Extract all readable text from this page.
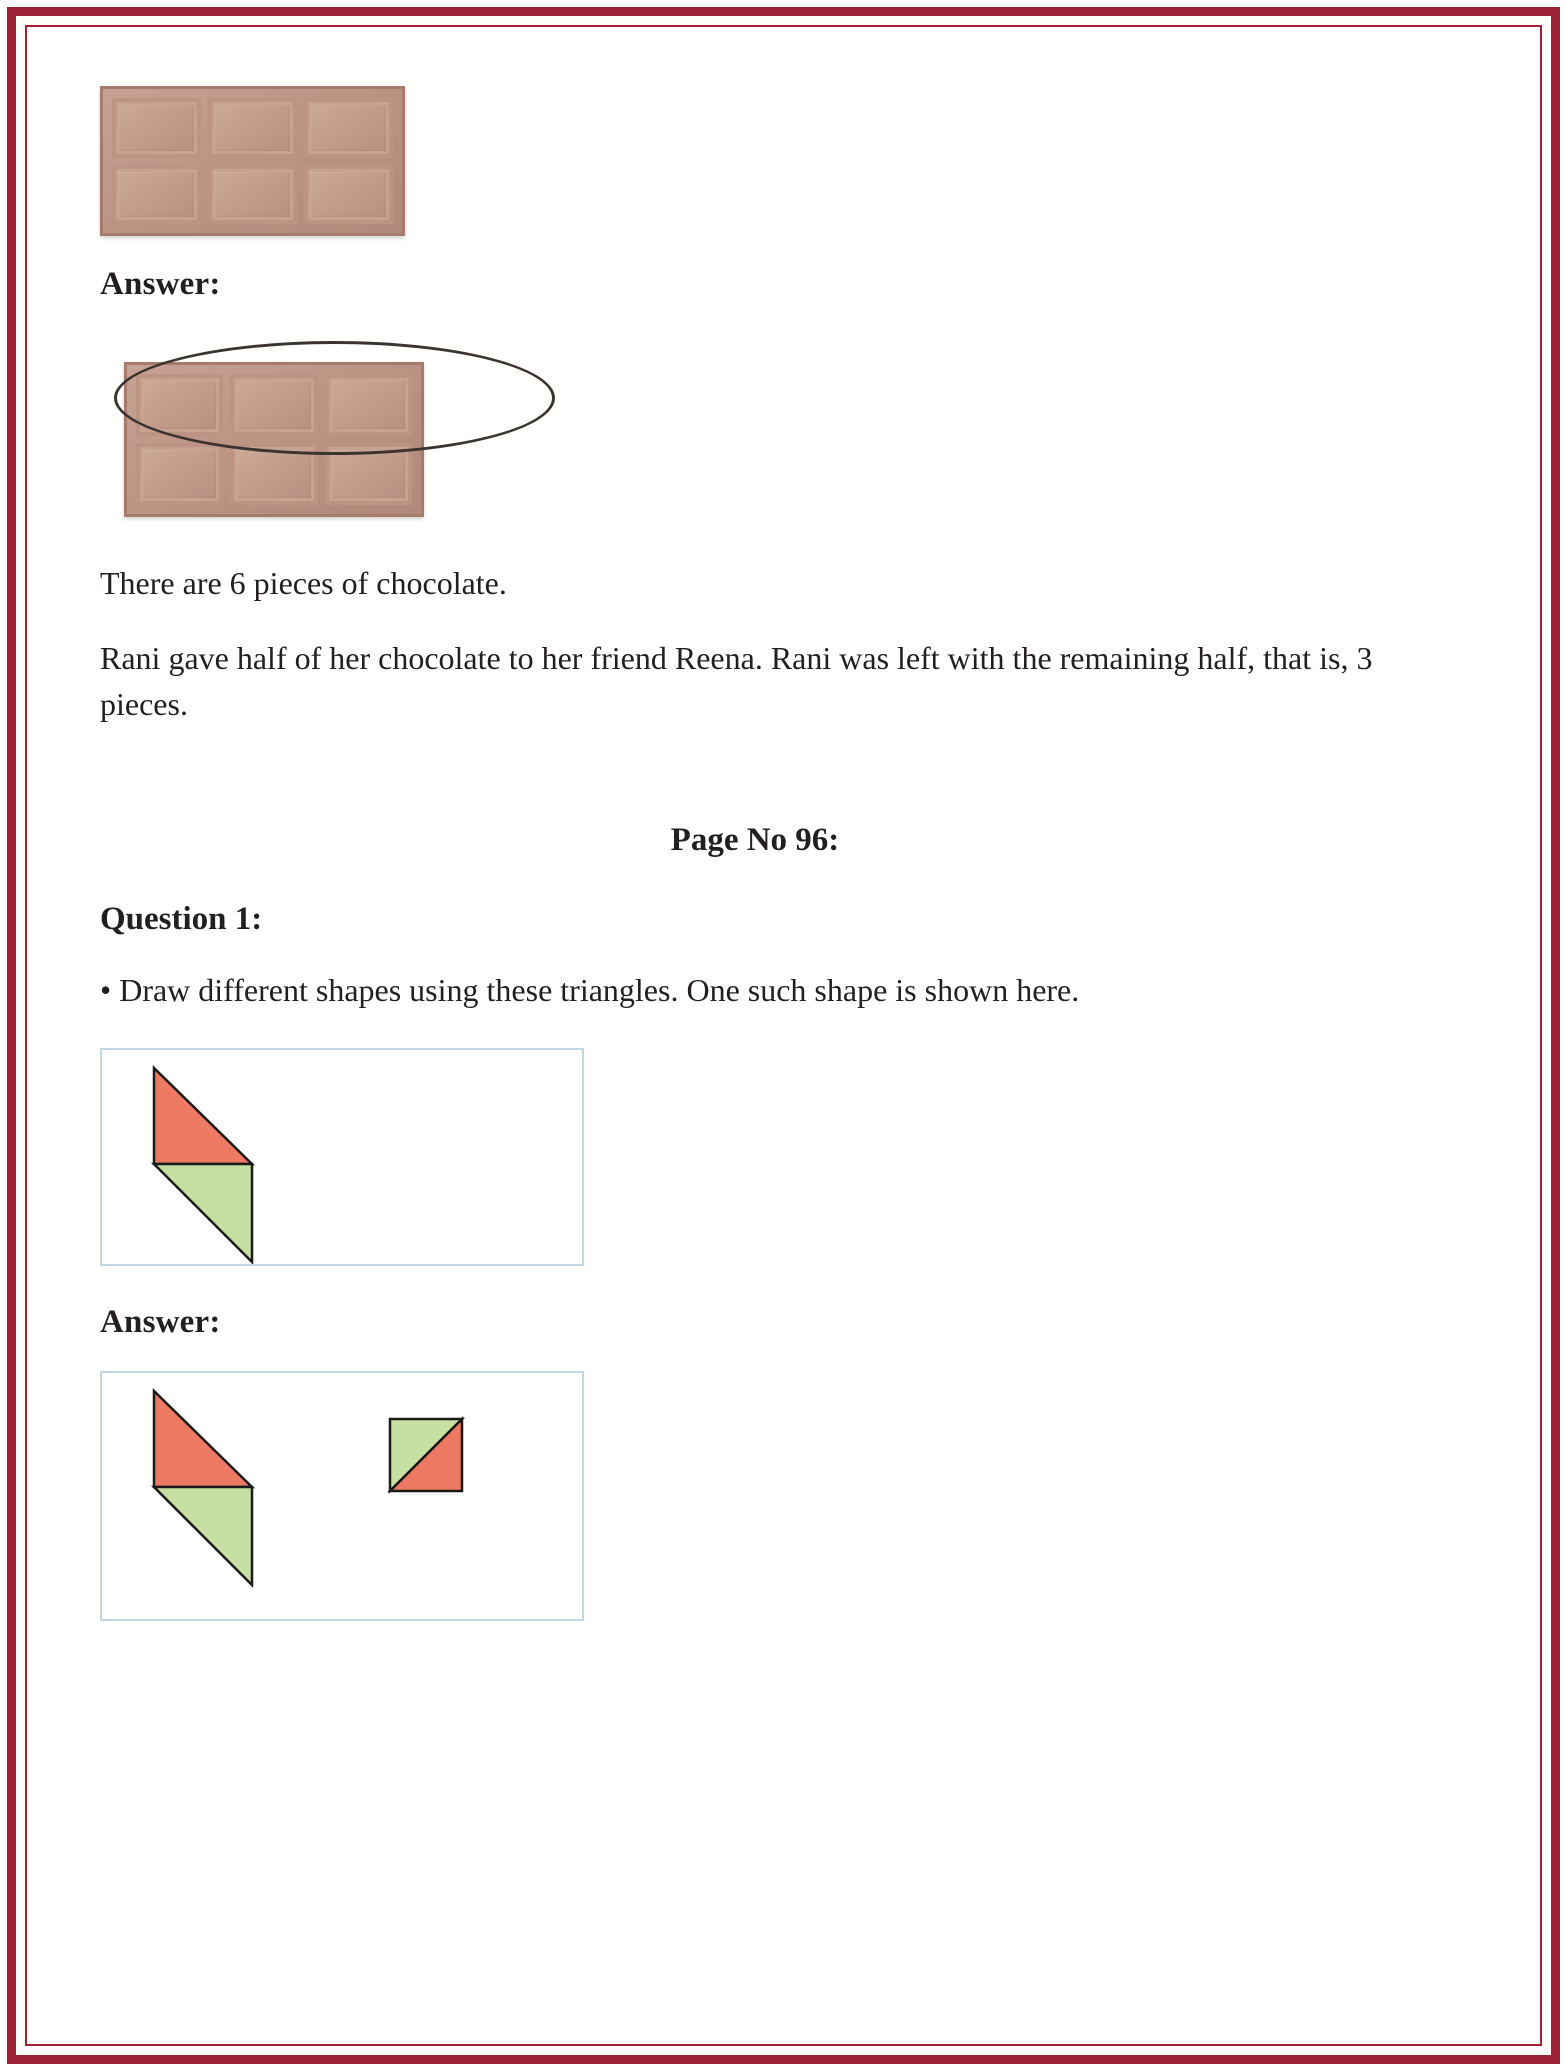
Answer:
There are 6 pieces of chocolate.
Rani gave half of her chocolate to her friend Reena. Rani was left with the remaining half, that is, 3 pieces.
Page No 96:
Question 1:
• Draw different shapes using these triangles. One such shape is shown here.
Answer:
